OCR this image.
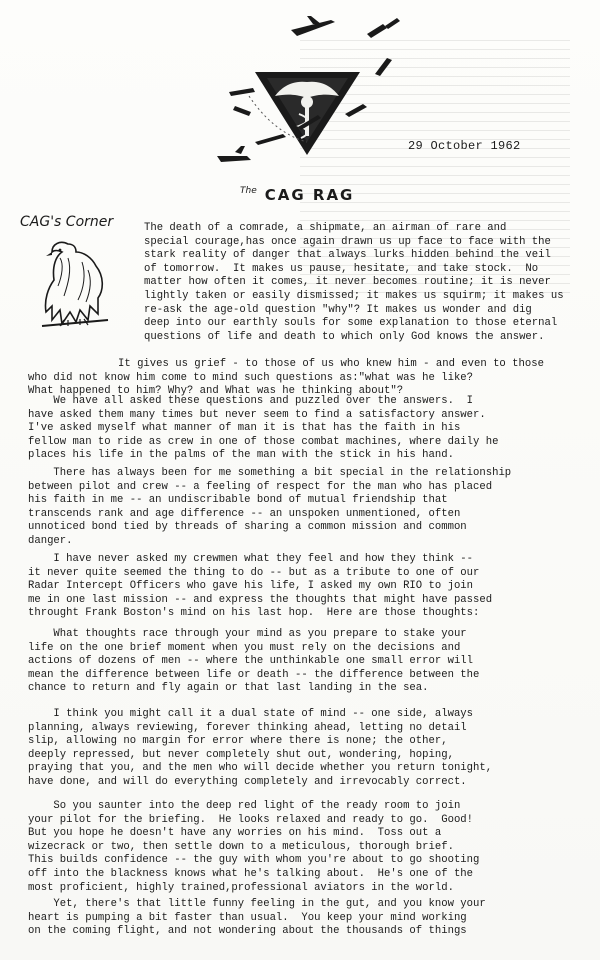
29 October 1962
$^{The}$ CAG RAG
CAG's Corner	The death of a comrade, a shipmate, an airman of rare and
special courage,has once again drawn us up face to face with the
stark reality of danger that always lurks hidden behind the veil
of tomorrow.  It makes us pause, hesitate, and take stock.  No
matter how often it comes, it never becomes routine; it is never
lightly taken or easily dismissed; it makes us squirm; it makes us
re-ask the age-old question "why"? It makes us wonder and dig
deep into our earthly souls for some explanation to those eternal
questions of life and death to which only God knows the answer.
It gives us grief - to those of us who knew him - and even to those
who did not know him come to mind such questions as:"what was he like?
What happened to him? Why? and What was he thinking about"?
We have all asked these questions and puzzled over the answers.  I
have asked them many times but never seem to find a satisfactory answer.
I've asked myself what manner of man it is that has the faith in his
fellow man to ride as crew in one of those combat machines, where daily he
places his life in the palms of the man with the stick in his hand.
There has always been for me something a bit special in the relationship
between pilot and crew -- a feeling of respect for the man who has placed
his faith in me -- an undiscribable bond of mutual friendship that
transcends rank and age difference -- an unspoken unmentioned, often
unnoticed bond tied by threads of sharing a common mission and common
danger.
I have never asked my crewmen what they feel and how they think --
it never quite seemed the thing to do -- but as a tribute to one of our
Radar Intercept Officers who gave his life, I asked my own RIO to join
me in one last mission -- and express the thoughts that might have passed
throught Frank Boston's mind on his last hop.  Here are those thoughts:
What thoughts race through your mind as you prepare to stake your
life on the one brief moment when you must rely on the decisions and
actions of dozens of men -- where the unthinkable one small error will
mean the difference between life or death -- the difference between the
chance to return and fly again or that last landing in the sea.
I think you might call it a dual state of mind -- one side, always
planning, always reviewing, forever thinking ahead, letting no detail
slip, allowing no margin for error where there is none; the other,
deeply repressed, but never completely shut out, wondering, hoping,
praying that you, and the men who will decide whether you return tonight,
have done, and will do everything completely and irrevocably correct.
So you saunter into the deep red light of the ready room to join
your pilot for the briefing.  He looks relaxed and ready to go.  Good!
But you hope he doesn't have any worries on his mind.  Toss out a
wizecrack or two, then settle down to a meticulous, thorough brief.
This builds confidence -- the guy with whom you're about to go shooting
off into the blackness knows what he's talking about.  He's one of the
most proficient, highly trained,professional aviators in the world.
Yet, there's that little funny feeling in the gut, and you know your
heart is pumping a bit faster than usual.  You keep your mind working
on the coming flight, and not wondering about the thousands of things
